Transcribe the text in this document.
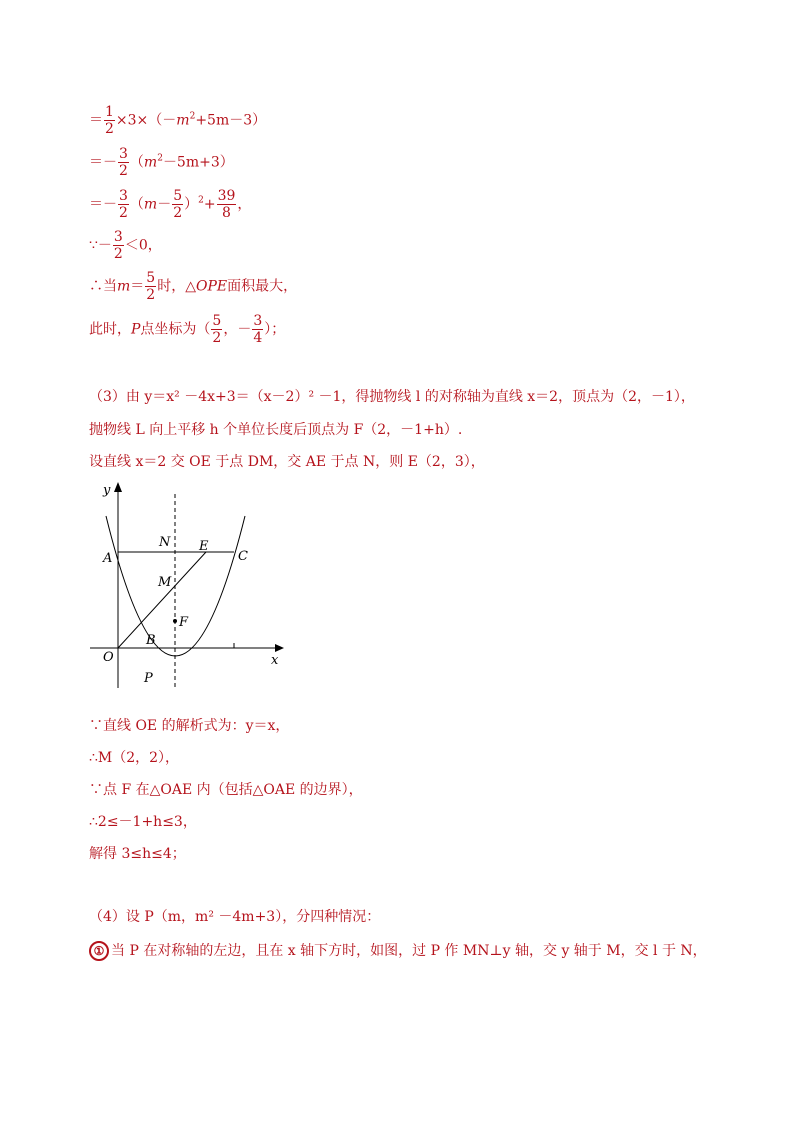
＝ $\frac{1}{2} \times 3\times(-m^2+5m-3)$
＝－ $\frac{3}{2} (m^2-5m+3)$
＝－ $\frac{3}{2} (m- \frac{5}{2} )^2+ \frac{39}{8}$ ，
∵－ $\frac{3}{2} <0$，
∴当$m= \frac{5}{2}$ 时，△OPE面积最大，
此时，P点坐标为（ $\frac{5}{2}$ ，－ $\frac{3}{4}$ ）；
（3）由 y＝x² －4x+3＝（x－2）² －1，得抛物线 l 的对称轴为直线 x＝2，顶点为（2，－1），
抛物线 L 向上平移 h 个单位长度后顶点为 F（2，－1+h）.
设直线 x＝2 交 OE 于点 DM，交 AE 于点 N，则 E（2，3），
y
x
O
A
N E
C
M
F
B
P
∵直线 OE 的解析式为：y＝x，
∴M（2，2），
∵点 F 在△OAE 内（包括△OAE 的边界），
∴2≤－1+h≤3，
解得 3≤h≤4；
（4）设 P（m，m² －4m+3），分四种情况：
① 当 P 在对称轴的左边，且在 x 轴下方时，如图，过 P 作 MN⊥y 轴，交 y 轴于 M，交 l 于 N，
